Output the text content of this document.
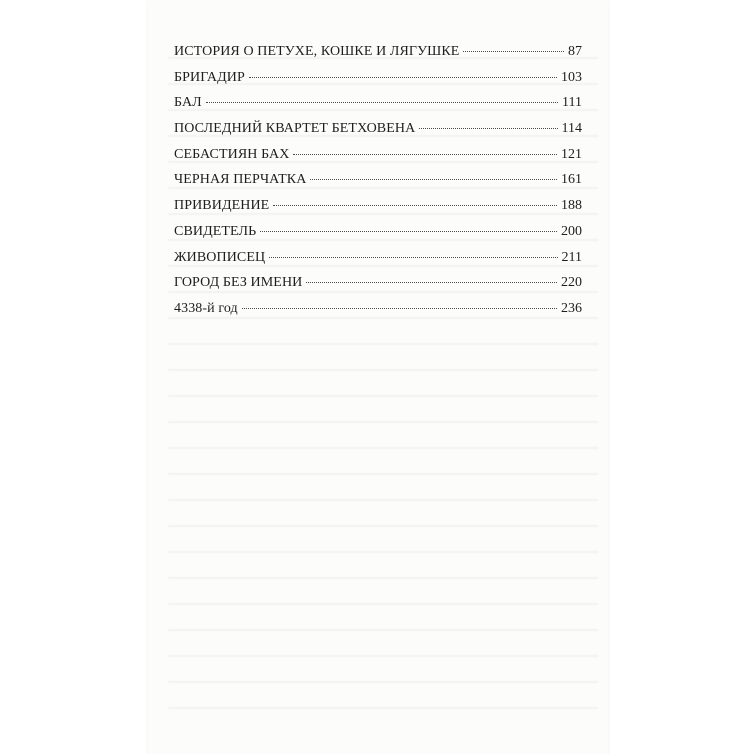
ИСТОРИЯ О ПЕТУХЕ, КОШКЕ И ЛЯГУШКЕ	87
БРИГАДИР	103
БАЛ	111
ПОСЛЕДНИЙ КВАРТЕТ БЕТХОВЕНА	114
СЕБАСТИЯН БАХ	121
ЧЕРНАЯ ПЕРЧАТКА	161
ПРИВИДЕНИЕ	188
СВИДЕТЕЛЬ	200
ЖИВОПИСЕЦ	211
ГОРОД БЕЗ ИМЕНИ	220
4338-й год	236
